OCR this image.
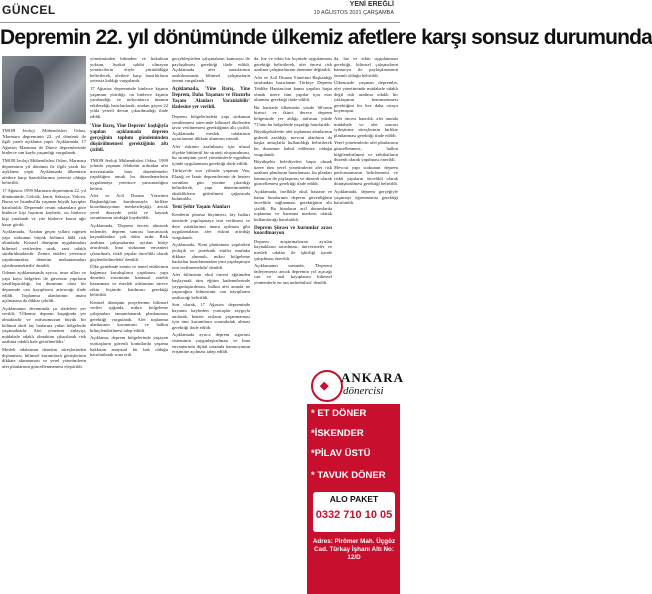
GÜNCEL	YENİ EREĞLİ
19 AĞUSTOS 2021 ÇARŞAMBA
Depremin 22. yıl dönümünde ülkemiz afetlere karşı sonsuz durumunda

TMOB Jeoloji Mühendisleri Odası, 'Marmara depreminin 22. yıl dönümü ile ilgili yazılı açıklama yaptı. Açıklamada, 17 Ağustos Marmara ile Düzce depremlerinde binlerce can kaybı yaşandığı vurgulandı.

TMOB Jeoloji Mühendisleri Odası, Marmara depreminin yıl dönümü ile ilgili yazılı bir açıklama yaptı. Açıklamada ülkemizin afetlere karşı hazırlıklarının yetersiz olduğu belirtildi.

17 Ağustos 1999 Marmara depreminin 22. yıl dönümünde, Gölcük, İzmit, Sakarya, Yalova, Bursa ve İstanbul'da yaşanan büyük kayıplar hatırlatıldı. Depremde resmi rakamlara göre binlerce kişi hayatını kaybetti, on binlerce kişi yaralandı ve yüz binlerce konut ağır hasar gördü.

Açıklamada, 'Aradan geçen yıllara rağmen yapı stokunun büyük bölümü hâlâ risk altındadır. Kentsel dönüşüm uygulamaları bilimsel verilerden uzak, rant odaklı sürdürülmektedir. Zemin etütleri yeterince yapılmamakta, denetim mekanizmaları işletilmemektedir' denildi.

Odanın açıklamasında ayrıca, imar afları ve yapı kayıt belgeleri ile güvensiz yapıların yasallaştırıldığı, bu durumun olası bir depremde can kayıplarını artıracağı ifade edildi. Toplanma alanlarının imara açılmasına da dikkat çekildi.

Açıklamanın devamında şu ifadelere yer verildi: 'Ülkemiz deprem kuşağında yer almaktadır ve nüfusumuzun büyük bir bölümü aktif fay hatlarına yakın bölgelerde yaşamaktadır. Afet yönetimi anlayışı, müdahale odaklı olmaktan çıkarılarak risk azaltma odaklı hale getirilmelidir.'

Meslek odalarının denetim süreçlerinden dışlanması, bilimsel kurumların görüşlerinin dikkate alınmaması ve yerel yönetimlerin afet planlarının güncellenmemesi eleştirildi.

yönetiminden bilimden ve hukuktan yoksun, liyakat sahibi olmayan yöneticilerin eliyle yürütüldüğü belirtilerek, afetlere karşı hazırlıkların yetersiz kaldığı vurgulandı.

17 Ağustos depreminde binlerce kişinin yaşamını yitirdiği, on binlerce kişinin yaralandığı ve milyonlarca insanın etkilendiği hatırlatılarak, aradan geçen 22 yılda yeterli dersin çıkarılmadığı ifade edildi.

'Yine Barış, Yine Deprem' başlığıyla yapılan açıklamada deprem gerçeğinin toplum gündeminden düşürülmemesi gerektiğinin altı çizildi.

TMOB Jeoloji Mühendisleri Odası, 1999 yılında yaşanan felaketin ardından afet mevzuatında bazı düzenlemeler yapıldığını ancak bu düzenlemelerin uygulamaya yeterince yansımadığını belirtti.

Afet ve Acil Durum Yönetimi Başkanlığı'nın kurulmasıyla birlikte koordinasyonun merkezileştiği, ancak yerel düzeyde yetki ve kaynak sorunlarının sürdüğü kaydedildi.

Açıklamada, 'Deprem öncesi alınacak önlemler, deprem sonrası harcanacak kaynaklardan çok daha azdır. Risk azaltma çalışmalarına ayrılan bütçe artırılmalı, bina stokunun envanteri çıkarılmalı, riskli yapılar öncelikli olarak güçlendirilmelidir' denildi.

Ülke genelinde zemin ve temel etütlerinin bağımsız kuruluşlarca yapılması, yapı denetim sisteminin kamusal nitelik kazanması ve meslek odalarının sürece etkin biçimde katılması gerektiği belirtildi.

Kentsel dönüşüm projelerinin bilimsel veriler ışığında, mikro bölgeleme çalışmaları tamamlanarak planlanması gerektiği vurgulandı. Afet toplanma alanlarının korunması ve halkın bilinçlendirilmesi talep edildi.

Açıklama, deprem bölgelerinde yaşayan yurttaşların güvenli konutlarda yaşama hakkının anayasal bir hak olduğu hatırlatılarak sona erdi.

gerçekleştirilen çalışmaların kamuoyu ile paylaşılması gerektiği ifade edildi. Açıklamada afet zararlarının azaltılmasında bilimsel çalışmaların önemi vurgulandı.

Açıklamada, 'Yine Barış, Yine Deprem, Daha Yaşanası ve Huzurlu Yaşam Alanları Yaratılabilir' ifadesine yer verildi.

Deprem bölgelerindeki yapı stokunun yenilenmesi sürecinde bilimsel ilkelerden taviz verilmemesi gerektiğinin altı çizildi. Açıklamada meslek odalarının uyarılarının dikkate alınması istendi.

Afet riskinin azaltılması için ulusal ölçekte bütüncül bir strateji oluşturulması, bu stratejinin yerel yönetimlerle eşgüdüm içinde uygulanması gerektiği ifade edildi.

Türkiye'de son yıllarda yaşanan Van, Elazığ ve İzmir depremlerinin de benzer sorunları gün yüzüne çıkardığı belirtilerek, yapı denetimindeki eksikliklerin giderilmesi çağrısında bulunuldu.

Yeni Şehir Yaşam Alanları

Kentlerin plansız büyümesi, fay hatları üzerinde yapılaşmaya izin verilmesi ve dere yataklarının imara açılması gibi uygulamaların afet riskini artırdığı vurgulandı.

Açıklamada, 'Kent planlaması yapılırken jeolojik ve jeoteknik etütler mutlaka dikkate alınmalı, mikro bölgeleme haritaları hazırlanmadan yeni yapılaşmaya izin verilmemelidir' denildi.

Afet bilincinin okul öncesi eğitimden başlayarak tüm eğitim kademelerinde yaygınlaştırılması, halkın afet anında ne yapacağını bilmesinin can kayıplarını azaltacağı belirtildi.

Son olarak, 17 Ağustos depreminde hayatını kaybeden yurttaşlar saygıyla anılarak, benzer acıların yaşanmaması için tüm kurumların sorumluluk alması gerektiği ifade edildi.

Açıklamada ayrıca deprem sigortası sisteminin yaygınlaştırılması ve bina envanterinin dijital ortamda kamuoyunun erişimine açılması talep edildi.

da, hız ve etkin bir biçimde uygulanması gerektiği belirtilerek, afet öncesi risk azaltma çalışmalarının önemine değinildi.

Afet ve Acil Durum Yönetimi Başkanlığı tarafından hazırlanan Türkiye Deprem Tehlike Haritası'nın kamu yapıları başta olmak üzere tüm yapılar için esas alınması gerektiği ifade edildi.

Bu haritada ülkemizin yüzde 66'sının birinci ve ikinci derece deprem bölgesinde yer aldığı, nüfusun yüzde 71'inin bu bölgelerde yaşadığı hatırlatıldı.

Büyükşehirlerde afet toplanma alanlarının giderek azaldığı, mevcut alanların da başka amaçlarla kullanıldığı belirtilerek bu durumun kabul edilemez olduğu vurgulandı.

Büyükşehir belediyeleri başta olmak üzere tüm yerel yönetimlerin afet risk azaltma planlarını hazırlaması, bu planları kamuoyu ile paylaşması ve düzenli olarak güncellemesi gerektiği ifade edildi.

Açıklamada, özellikle okul, hastane ve kamu binalarının deprem güvenliğinin öncelikle sağlanması gerektiğinin altı çizildi. Bu binaların acil durumlarda toplanma ve barınma merkezi olarak kullanılacağı hatırlatıldı.

Deprem Şûrası ve kurumlar arası koordinasyon

Deprem araştırmalarına ayrılan kaynakların artırılması, üniversiteler ve meslek odaları ile işbirliği içinde çalışılması önerildi.

Açıklamanın sonunda, 'Depremi önleyemeyiz ancak depremin yol açacağı can ve mal kayıplarını bilimsel yöntemlerle en aza indirebiliriz' denildi.

da, hız ve etkin uygulanması gerektiği, bilimsel çalışmaların kamuoyu ile paylaşılmasının önemli olduğu belirtildi.

Ülkemizde yaşanan depremler, afet yönetiminde müdahale odaklı değil risk azaltma odaklı bir yaklaşımın benimsenmesi gerektiğini bir kez daha ortaya koymuştur.

Afet öncesi hazırlık, afet anında müdahale ve afet sonrası iyileştirme süreçlerinin birlikte planlanması gerektiği ifade edildi.

Yerel yönetimlerin afet planlarının güncellenmesi, halkın bilgilendirilmesi ve tatbikatların düzenli olarak yapılması önerildi.

Mevcut yapı stokunun deprem performansının belirlenmesi ve riskli yapıların öncelikli olarak dönüştürülmesi gerektiği belirtildi.

Açıklamada, deprem gerçeğiyle yaşamayı öğrenmemiz gerektiği hatırlatıldı.

◆
ANKARA
dönercisi
* ET DÖNER
*İSKENDER
*PİLAV ÜSTÜ
* TAVUK DÖNER
ALO PAKET
0332 710 10 05
Adres: Pirömer Mah. Üçgöz Cad. Türkay İşhanı Altı No: 12/D
